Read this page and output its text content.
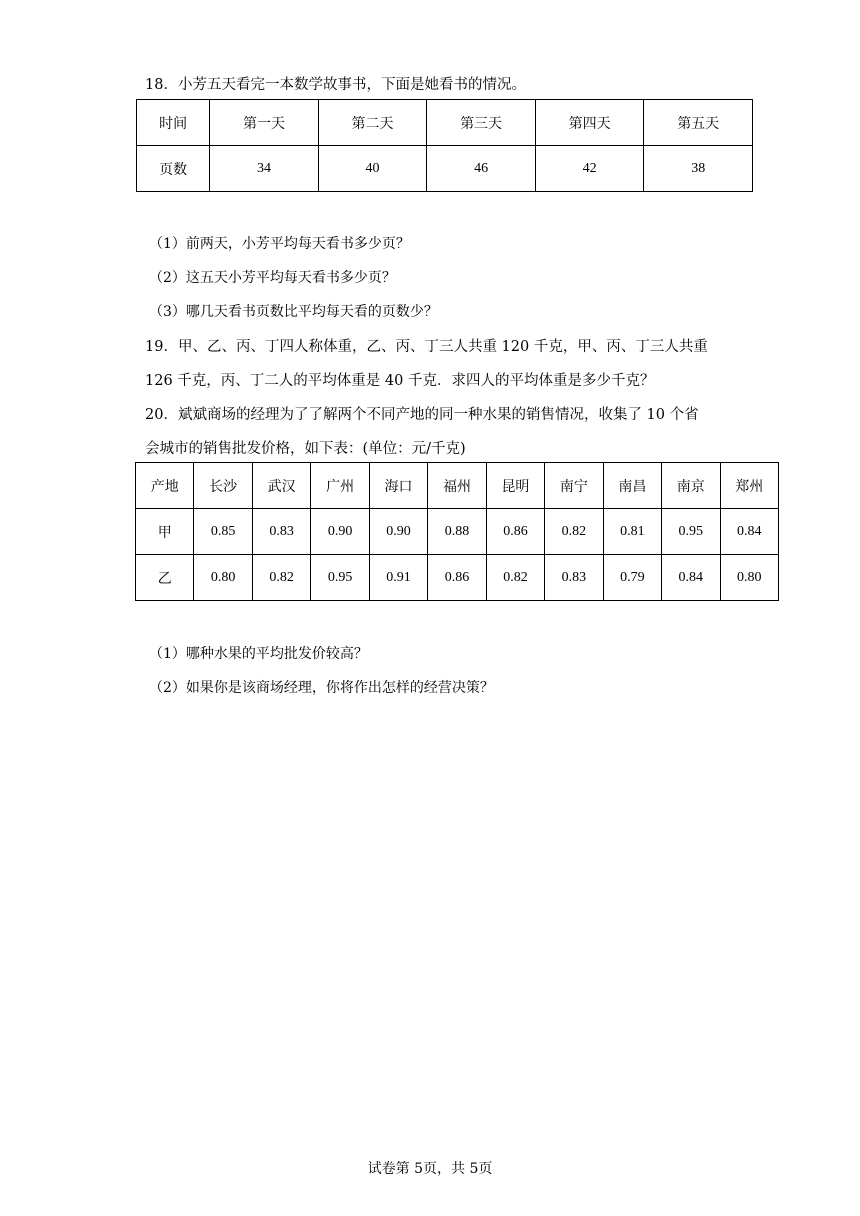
18．小芳五天看完一本数学故事书，下面是她看书的情况。
时间	第一天	第二天	第三天	第四天	第五天
页数	34	40	46	42	38
（1）前两天，小芳平均每天看书多少页？
（2）这五天小芳平均每天看书多少页？
（3）哪几天看书页数比平均每天看的页数少？
19．甲、乙、丙、丁四人称体重，乙、丙、丁三人共重 120 千克，甲、丙、丁三人共重
126 千克，丙、丁二人的平均体重是 40 千克．求四人的平均体重是多少千克？
20．斌斌商场的经理为了了解两个不同产地的同一种水果的销售情况，收集了 10 个省
会城市的销售批发价格，如下表：(单位：元/千克)
产地	长沙	武汉	广州	海口	福州	昆明	南宁	南昌	南京	郑州
甲	0.85	0.83	0.90	0.90	0.88	0.86	0.82	0.81	0.95	0.84
乙	0.80	0.82	0.95	0.91	0.86	0.82	0.83	0.79	0.84	0.80
（1）哪种水果的平均批发价较高？
（2）如果你是该商场经理，你将作出怎样的经营决策？
试卷第 5页，共 5页
